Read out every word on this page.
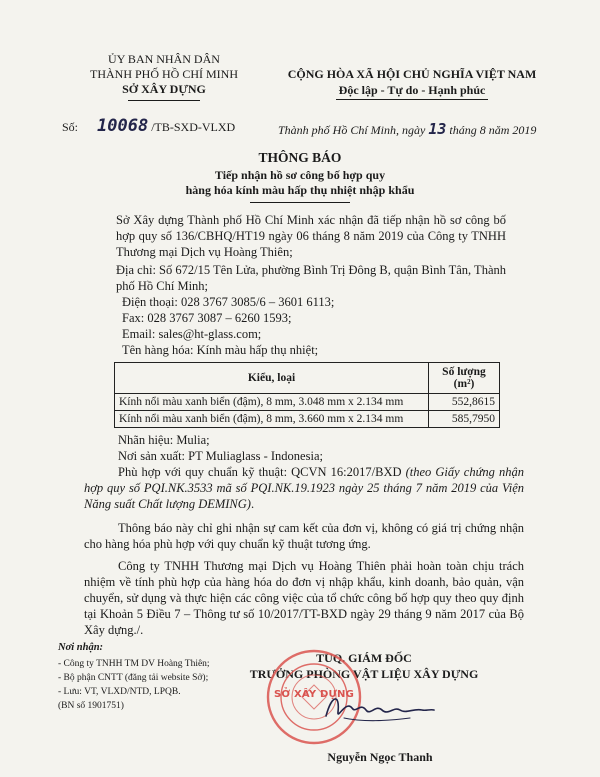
ỦY BAN NHÂN DÂN
THÀNH PHỐ HỒ CHÍ MINH
SỞ XÂY DỰNG
CỘNG HÒA XÃ HỘI CHỦ NGHĨA VIỆT NAM
Độc lập - Tự do - Hạnh phúc
Số: 10068 /TB-SXD-VLXD	Thành phố Hồ Chí Minh, ngày 13 tháng 8 năm 2019
THÔNG BÁO
Tiếp nhận hồ sơ công bố hợp quy
hàng hóa kính màu hấp thụ nhiệt nhập khẩu
Sở Xây dựng Thành phố Hồ Chí Minh xác nhận đã tiếp nhận hồ sơ công bố hợp quy số 136/CBHQ/HT19 ngày 06 tháng 8 năm 2019 của Công ty TNHH Thương mại Dịch vụ Hoàng Thiên;
Địa chỉ: Số 672/15 Tên Lửa, phường Bình Trị Đông B, quận Bình Tân, Thành phố Hồ Chí Minh;
Điện thoại: 028 3767 3085/6 – 3601 6113;
Fax: 028 3767 3087 – 6260 1593;
Email: sales@ht-glass.com;
Tên hàng hóa: Kính màu hấp thụ nhiệt;
Kiểu, loại	Số lượng
(m²)

Kính nổi màu xanh biển (đậm), 8 mm, 3.048 mm x 2.134 mm	552,8615
Kính nổi màu xanh biển (đậm), 8 mm, 3.660 mm x 2.134 mm	585,7950
Nhãn hiệu: Mulia;
Nơi sản xuất: PT Muliaglass - Indonesia;
Phù hợp với quy chuẩn kỹ thuật: QCVN 16:2017/BXD (theo Giấy chứng nhận hợp quy số PQI.NK.3533 mã số PQI.NK.19.1923 ngày 25 tháng 7 năm 2019 của Viện Năng suất Chất lượng DEMING).
Thông báo này chỉ ghi nhận sự cam kết của đơn vị, không có giá trị chứng nhận cho hàng hóa phù hợp với quy chuẩn kỹ thuật tương ứng.
Công ty TNHH Thương mại Dịch vụ Hoàng Thiên phải hoàn toàn chịu trách nhiệm về tính phù hợp của hàng hóa do đơn vị nhập khẩu, kinh doanh, bảo quản, vận chuyển, sử dụng và thực hiện các công việc của tổ chức công bố hợp quy theo quy định tại Khoản 5 Điều 7 – Thông tư số 10/2017/TT-BXD ngày 29 tháng 9 năm 2017 của Bộ Xây dựng./.
Nơi nhận:
- Công ty TNHH TM DV Hoàng Thiên;
- Bộ phận CNTT (đăng tải website Sở);
- Lưu: VT, VLXD/NTD, LPQB.
(BN số 1901751)
TUQ. GIÁM ĐỐC
TRƯỞNG PHÒNG VẬT LIỆU XÂY DỰNG
SỞ XÂY DỰNG
Nguyễn Ngọc Thanh
